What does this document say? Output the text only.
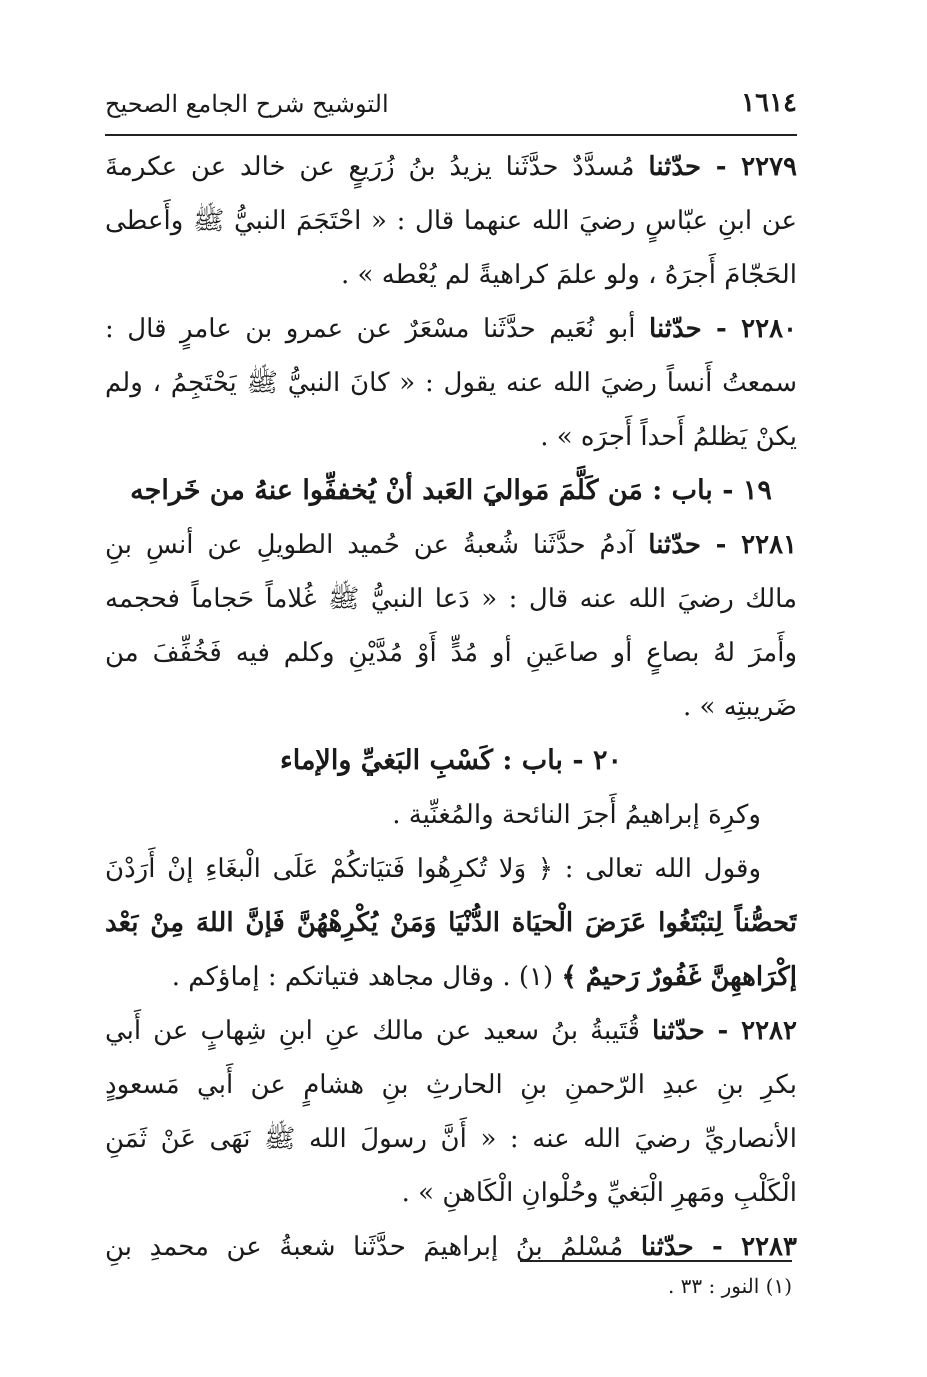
١٦١٤
التوشيح شرح الجامع الصحيح
٢٢٧٩ - حدّثنا مُسدَّدٌ حدَّثَنا يزيدُ بنُ زُرَيعٍ عن خالد عن عكرمةَ
عن ابنِ عبّاسٍ رضيَ الله عنهما قال : « احْتَجَمَ النبيُّ ﷺ وأَعطى
الحَجّامَ أَجرَهُ ، ولو علمَ كراهيةً لم يُعْطه » .
٢٢٨٠ - حدّثنا أبو نُعَيم حدَّثَنا مسْعَرٌ عن عمرو بن عامرٍ قال :
سمعتُ أَنساً رضيَ الله عنه يقول : « كانَ النبيُّ ﷺ يَحْتَجِمُ ، ولم
يكنْ يَظلمُ أَحداً أَجرَه » .
١٩ - باب : مَن كَلَّمَ مَواليَ العَبد أنْ يُخففِّوا عنهُ من خَراجه
٢٢٨١ - حدّثنا آدمُ حدَّثَنا شُعبةُ عن حُميد الطويلِ عن أنسِ بنِ
مالك رضيَ الله عنه قال : « دَعا النبيُّ ﷺ غُلاماً حَجاماً فحجمه
وأَمرَ لهُ بصاعٍ أو صاعَينِ أو مُدٍّ أَوْ مُدَّيْنِ وكلم فيه فَخُفِّفَ من
ضَريبتِه » .
٢٠ - باب : كَسْبِ البَغيِّ والإماء
وكرِهَ إبراهيمُ أَجرَ النائحة والمُغنِّية .
وقول الله تعالى : ﴿ وَلا تُكرِهُوا فَتيَاتكُمْ عَلَى الْبغَاءِ إنْ أَرَدْنَ
تَحصُّناً لِتبْتَغُوا عَرَضَ الْحيَاة الدُّنْيَا وَمَنْ يُكْرِهْهُنَّ فَإنَّ اللهَ مِنْ بَعْد
إكْرَاههِنَّ غَفُورٌ رَحيمٌ ﴾ (١) . وقال مجاهد فتياتكم : إماؤكم .
٢٢٨٢ - حدّثنا قُتَيبةُ بنُ سعيد عن مالك عنِ ابنِ شِهابٍ عن أَبي
بكرِ بنِ عبدِ الرّحمنِ بنِ الحارثِ بنِ هشامٍ عن أَبي مَسعودٍ
الأنصاريِّ رضيَ الله عنه : « أَنَّ رسولَ الله ﷺ نَهَى عَنْ ثَمَنِ
الْكَلْبِ ومَهرِ الْبَغيِّ وحُلْوانِ الْكَاهنِ » .
٢٢٨٣ - حدّثنا مُسْلمُ بنُ إبراهيمَ حدَّثَنا شعبةُ عن محمدِ بنِ
(١) النور : ٣٣ .
